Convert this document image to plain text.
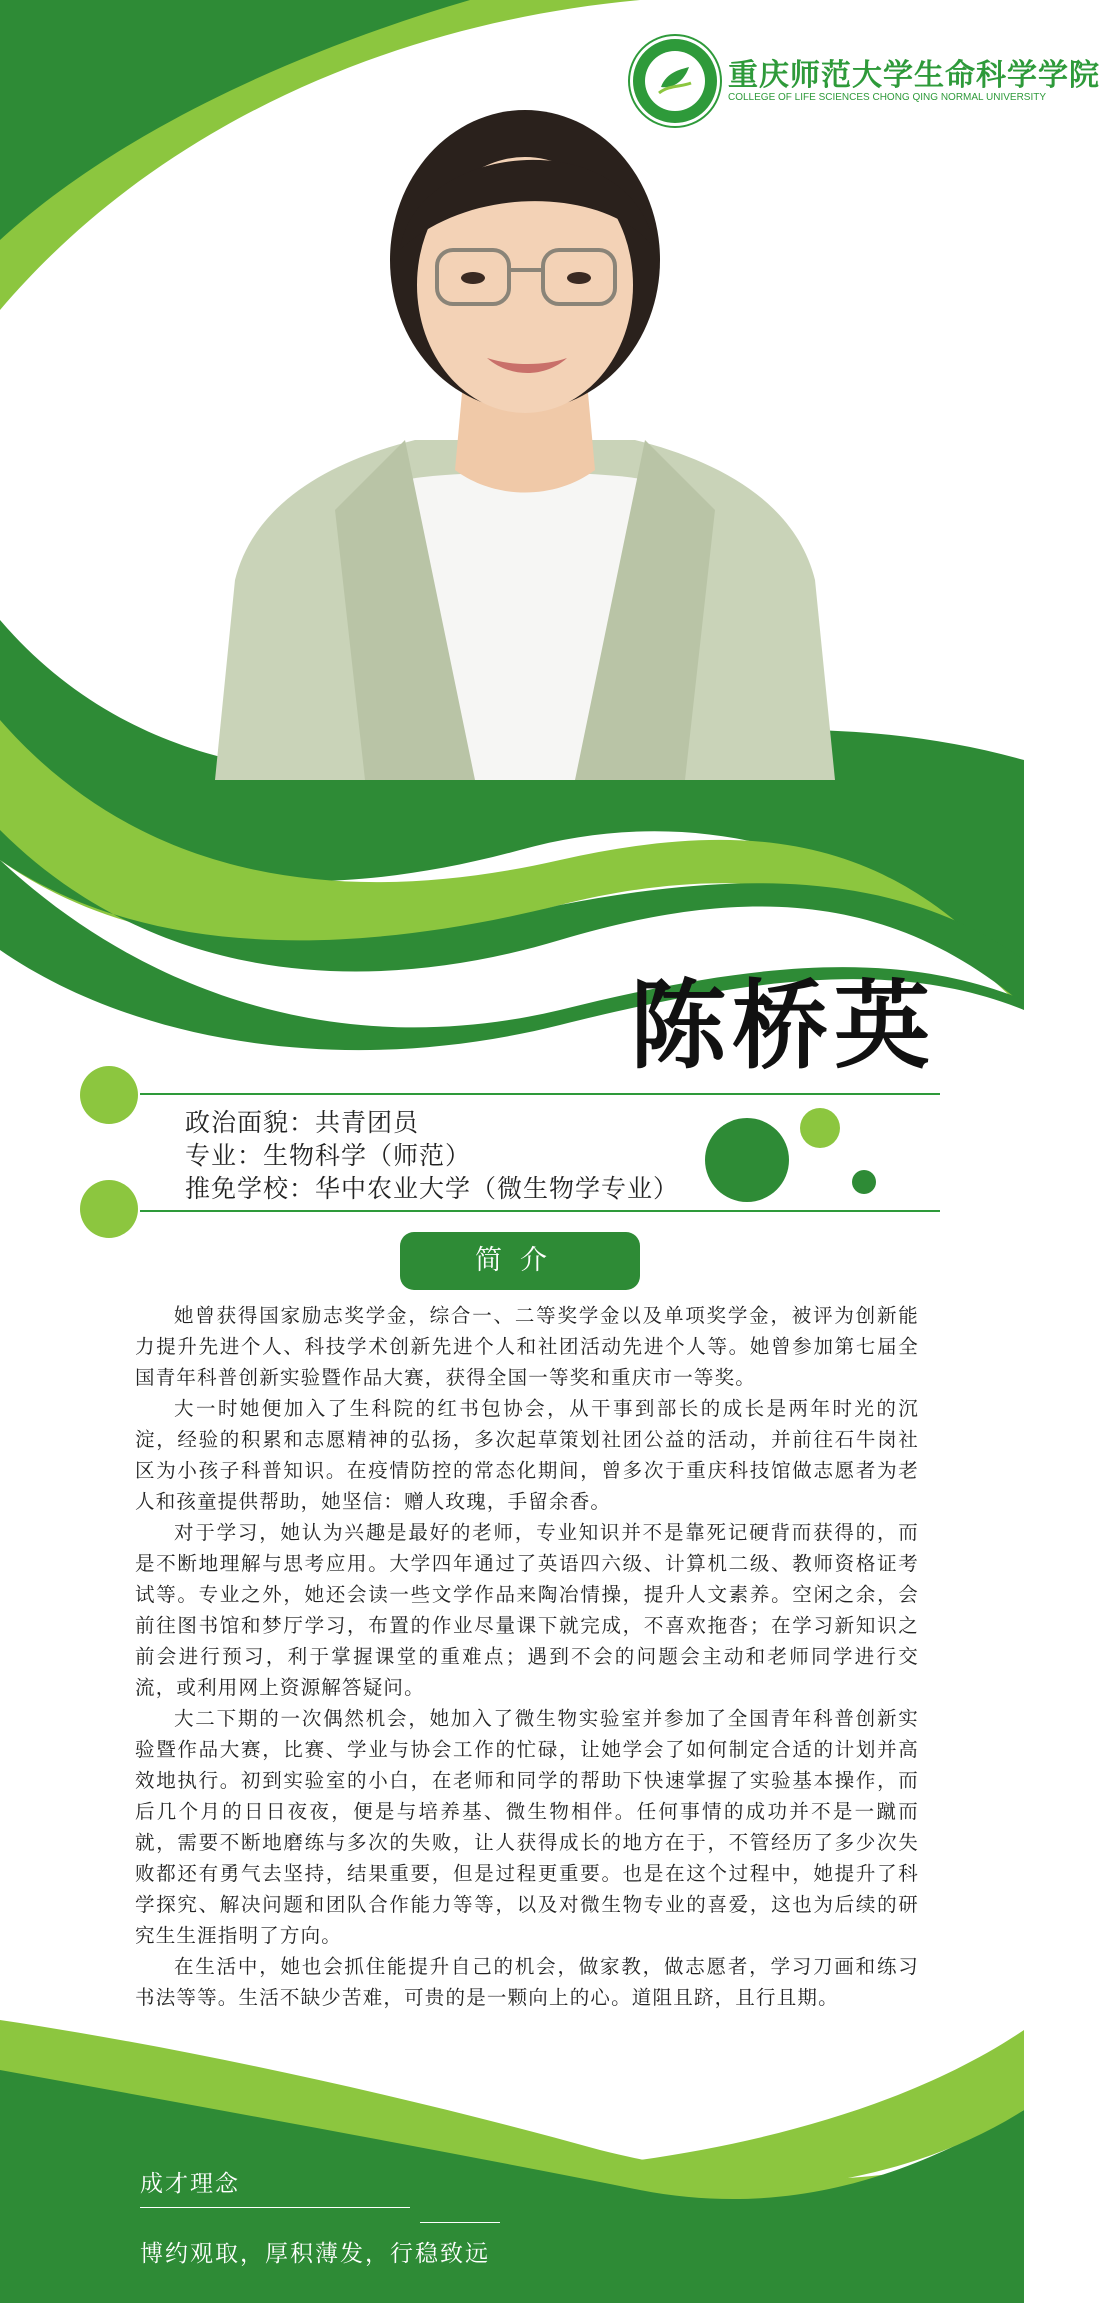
重庆师范大学生命科学学院
COLLEGE OF LIFE SCIENCES CHONG QING NORMAL UNIVERSITY
陈桥英
政治面貌：共青团员
专业：生物科学（师范）
推免学校：华中农业大学（微生物学专业）
简介

她曾获得国家励志奖学金，综合一、二等奖学金以及单项奖学金，被评为创新能力提升先进个人、科技学术创新先进个人和社团活动先进个人等。她曾参加第七届全国青年科普创新实验暨作品大赛，获得全国一等奖和重庆市一等奖。

大一时她便加入了生科院的红书包协会，从干事到部长的成长是两年时光的沉淀，经验的积累和志愿精神的弘扬，多次起草策划社团公益的活动，并前往石牛岗社区为小孩子科普知识。在疫情防控的常态化期间，曾多次于重庆科技馆做志愿者为老人和孩童提供帮助，她坚信：赠人玫瑰，手留余香。

对于学习，她认为兴趣是最好的老师，专业知识并不是靠死记硬背而获得的，而是不断地理解与思考应用。大学四年通过了英语四六级、计算机二级、教师资格证考试等。专业之外，她还会读一些文学作品来陶冶情操，提升人文素养。空闲之余，会前往图书馆和梦厅学习，布置的作业尽量课下就完成，不喜欢拖沓；在学习新知识之前会进行预习，利于掌握课堂的重难点；遇到不会的问题会主动和老师同学进行交流，或利用网上资源解答疑问。

大二下期的一次偶然机会，她加入了微生物实验室并参加了全国青年科普创新实验暨作品大赛，比赛、学业与协会工作的忙碌，让她学会了如何制定合适的计划并高效地执行。初到实验室的小白，在老师和同学的帮助下快速掌握了实验基本操作，而后几个月的日日夜夜，便是与培养基、微生物相伴。任何事情的成功并不是一蹴而就，需要不断地磨练与多次的失败，让人获得成长的地方在于，不管经历了多少次失败都还有勇气去坚持，结果重要，但是过程更重要。也是在这个过程中，她提升了科学探究、解决问题和团队合作能力等等，以及对微生物专业的喜爱，这也为后续的研究生生涯指明了方向。

在生活中，她也会抓住能提升自己的机会，做家教，做志愿者，学习刀画和练习书法等等。生活不缺少苦难，可贵的是一颗向上的心。道阻且跻，且行且期。

成才理念
博约观取，厚积薄发，行稳致远
